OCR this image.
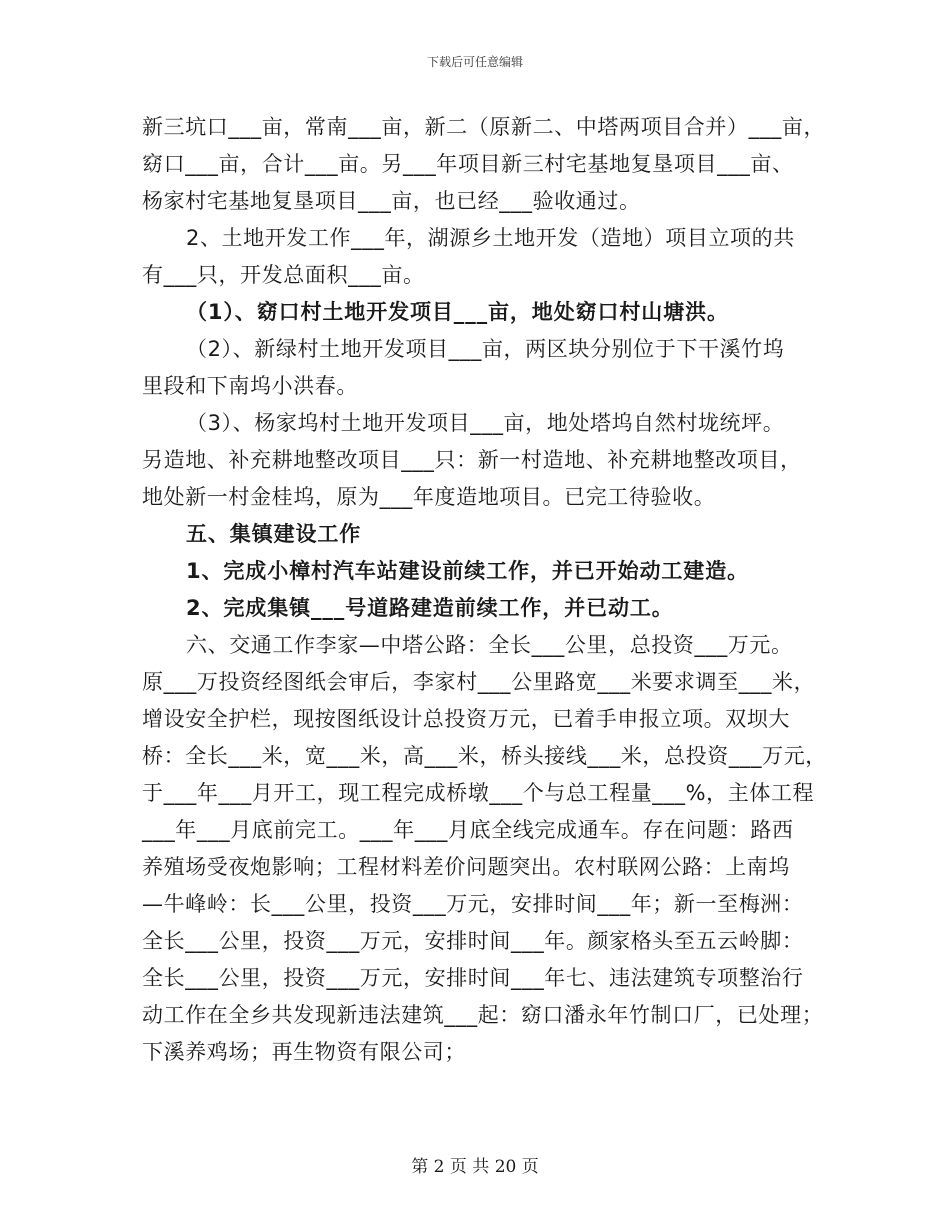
下载后可任意编辑
新三坑口___亩，常南___亩，新二（原新二、中塔两项目合并）___亩，
窈口___亩，合计___亩。另___年项目新三村宅基地复垦项目___亩、
杨家村宅基地复垦项目___亩，也已经___验收通过。
2、土地开发工作___年，湖源乡土地开发（造地）项目立项的共
有___只，开发总面积___亩。
（1）、窈口村土地开发项目___亩，地处窈口村山塘洪。
（2）、新绿村土地开发项目___亩，两区块分别位于下干溪竹坞
里段和下南坞小洪春。
（3）、杨家坞村土地开发项目___亩，地处塔坞自然村垅统坪。
另造地、补充耕地整改项目___只：新一村造地、补充耕地整改项目，
地处新一村金桂坞，原为___年度造地项目。已完工待验收。
五、集镇建设工作
1、完成小樟村汽车站建设前续工作，并已开始动工建造。
2、完成集镇___号道路建造前续工作，并已动工。
六、交通工作李家—中塔公路：全长___公里，总投资___万元。
原___万投资经图纸会审后，李家村___公里路宽___米要求调至___米，
增设安全护栏，现按图纸设计总投资万元，已着手申报立项。双坝大
桥：全长___米，宽___米，高___米，桥头接线___米，总投资___万元，
于___年___月开工，现工程完成桥墩___个与总工程量___%，主体工程
___年___月底前完工。___年___月底全线完成通车。存在问题：路西
养殖场受夜炮影响；工程材料差价问题突出。农村联网公路：上南坞
—牛峰岭：长___公里，投资___万元，安排时间___年；新一至梅洲：
全长___公里，投资___万元，安排时间___年。颜家格头至五云岭脚：
全长___公里，投资___万元，安排时间___年七、违法建筑专项整治行
动工作在全乡共发现新违法建筑___起：窈口潘永年竹制口厂，已处理；
下溪养鸡场；再生物资有限公司；
第 2 页 共 20 页
